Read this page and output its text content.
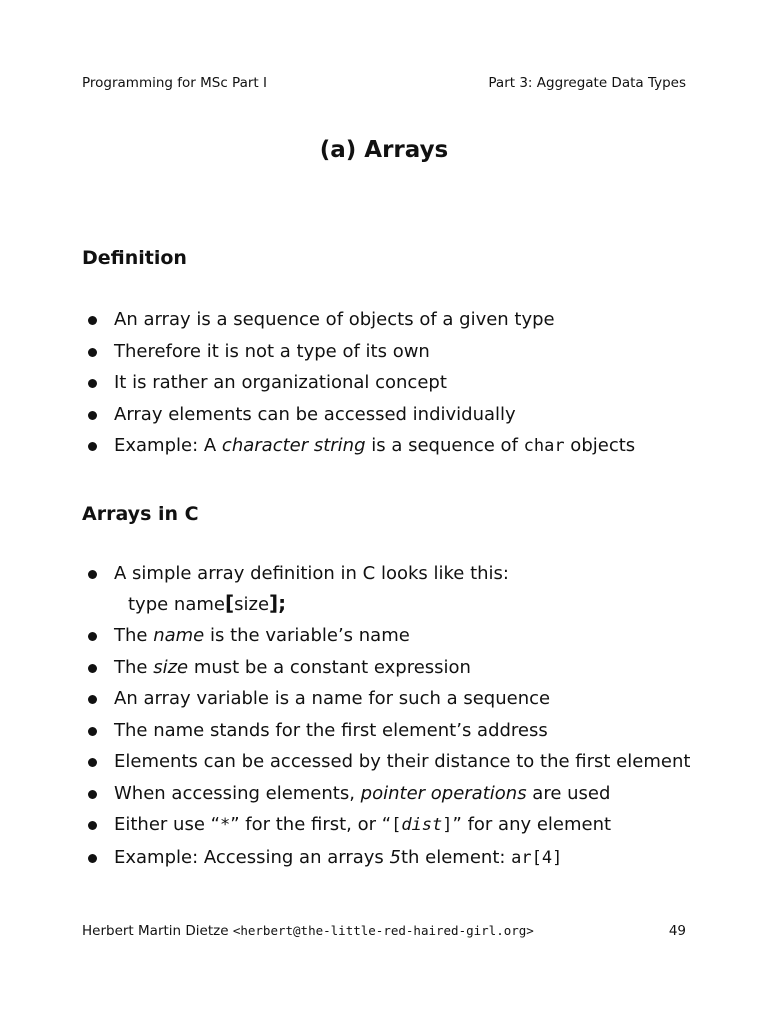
Programming for MSc Part I	Part 3: Aggregate Data Types
(a) Arrays
Definition
An array is a sequence of objects of a given type
Therefore it is not a type of its own
It is rather an organizational concept
Array elements can be accessed individually
Example: A character string is a sequence of char objects
Arrays in C
A simple array definition in C looks like this:
type name[size];
The name is the variable’s name
The size must be a constant expression
An array variable is a name for such a sequence
The name stands for the first element’s address
Elements can be accessed by their distance to the first element
When accessing elements, pointer operations are used
Either use “*” for the first, or “[dist]” for any element
Example: Accessing an arrays 5th element: ar[4]
Herbert Martin Dietze <herbert@the-little-red-haired-girl.org>	49
